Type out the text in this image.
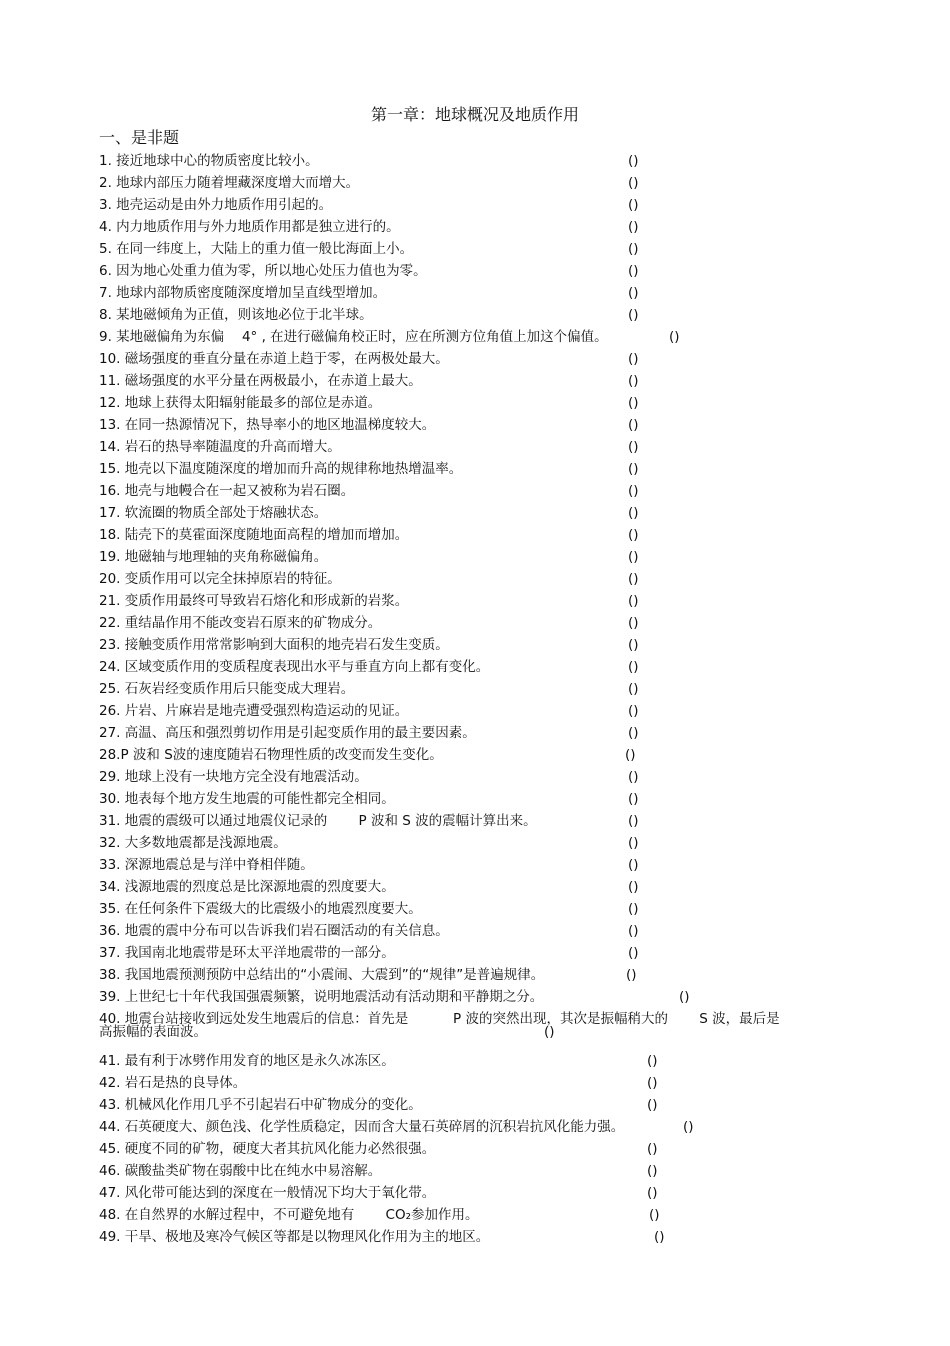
第一章：地球概况及地质作用
一、是非题
1. 接近地球中心的物质密度比较小。	()
2. 地球内部压力随着埋藏深度增大而增大。	()
3. 地壳运动是由外力地质作用引起的。	()
4. 内力地质作用与外力地质作用都是独立进行的。	()
5. 在同一纬度上，大陆上的重力值一般比海面上小。	()
6. 因为地心处重力值为零，所以地心处压力值也为零。	()
7. 地球内部物质密度随深度增加呈直线型增加。	()
8. 某地磁倾角为正值，则该地必位于北半球。	()
9. 某地磁偏角为东偏　 4° , 在进行磁偏角校正时，应在所测方位角值上加这个偏值。	()
10. 磁场强度的垂直分量在赤道上趋于零，在两极处最大。	()
11. 磁场强度的水平分量在两极最小，在赤道上最大。	()
12. 地球上获得太阳辐射能最多的部位是赤道。	()
13. 在同一热源情况下，热导率小的地区地温梯度较大。	()
14. 岩石的热导率随温度的升高而增大。	()
15. 地壳以下温度随深度的增加而升高的规律称地热增温率。	()
16. 地壳与地幔合在一起又被称为岩石圈。	()
17. 软流圈的物质全部处于熔融状态。	()
18. 陆壳下的莫霍面深度随地面高程的增加而增加。	()
19. 地磁轴与地理轴的夹角称磁偏角。	()
20. 变质作用可以完全抹掉原岩的特征。	()
21. 变质作用最终可导致岩石熔化和形成新的岩浆。	()
22. 重结晶作用不能改变岩石原来的矿物成分。	()
23. 接触变质作用常常影响到大面积的地壳岩石发生变质。	()
24. 区域变质作用的变质程度表现出水平与垂直方向上都有变化。	()
25. 石灰岩经变质作用后只能变成大理岩。	()
26. 片岩、片麻岩是地壳遭受强烈构造运动的见证。	()
27. 高温、高压和强烈剪切作用是引起变质作用的最主要因素。	()
28.P 波和 S波的速度随岩石物理性质的改变而发生变化。	()
29. 地球上没有一块地方完全没有地震活动。	()
30. 地表每个地方发生地震的可能性都完全相同。	()
31. 地震的震级可以通过地震仪记录的　　 P 波和 S 波的震幅计算出来。	()
32. 大多数地震都是浅源地震。	()
33. 深源地震总是与洋中脊相伴随。	()
34. 浅源地震的烈度总是比深源地震的烈度要大。	()
35. 在任何条件下震级大的比震级小的地震烈度要大。	()
36. 地震的震中分布可以告诉我们岩石圈活动的有关信息。	()
37. 我国南北地震带是环太平洋地震带的一部分。	()
38. 我国地震预测预防中总结出的“小震闹、大震到”的“规律”是普遍规律。	()
39. 上世纪七十年代我国强震频繁，说明地震活动有活动期和平静期之分。	()
40. 地震台站接收到远处发生地震后的信息：首先是　　　 P 波的突然出现，其次是振幅稍大的　　 S 波，最后是
41. 最有利于冰劈作用发育的地区是永久冰冻区。	()
42. 岩石是热的良导体。	()
43. 机械风化作用几乎不引起岩石中矿物成分的变化。	()
44. 石英硬度大、颜色浅、化学性质稳定，因而含大量石英碎屑的沉积岩抗风化能力强。	()
45. 硬度不同的矿物，硬度大者其抗风化能力必然很强。	()
46. 碳酸盐类矿物在弱酸中比在纯水中易溶解。	()
47. 风化带可能达到的深度在一般情况下均大于氧化带。	()
48. 在自然界的水解过程中，不可避免地有　　 CO₂参加作用。	()
49. 干旱、极地及寒冷气候区等都是以物理风化作用为主的地区。	()
高振幅的表面波。	()
